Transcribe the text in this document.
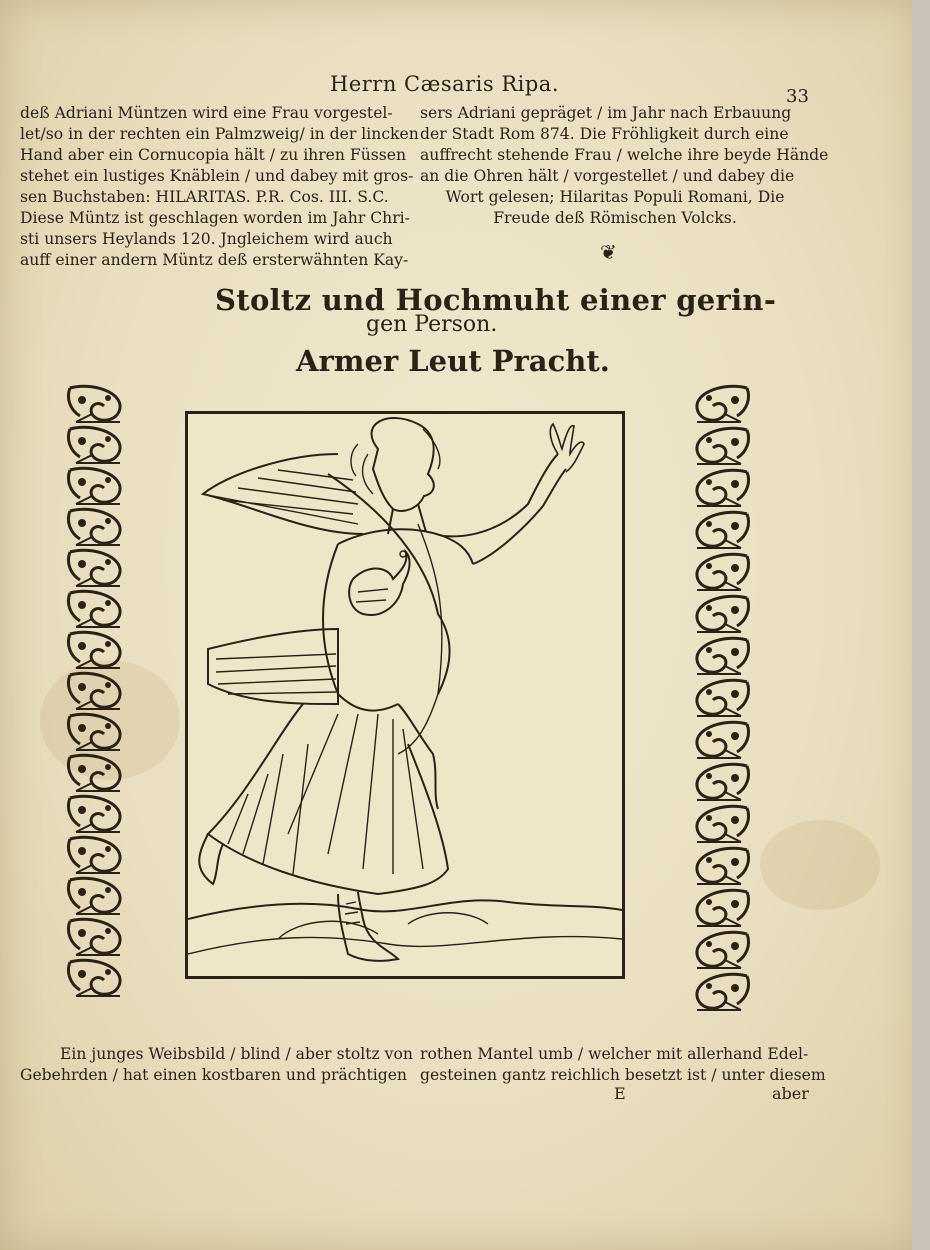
Herrn Cæsaris Ripa.
33

deß Adriani Müntzen wird eine Frau vorgestel-

let/so in der rechten ein Palmzweig/ in der lincken

Hand aber ein Cornucopia hält / zu ihren Füssen

stehet ein lustiges Knäblein / und dabey mit gros-

sen Buchstaben: HILARITAS. P.R. Cos. III. S.C.

Diese Müntz ist geschlagen worden im Jahr Chri-

sti unsers Heylands 120. Jngleichem wird auch

auff einer andern Müntz deß ersterwähnten Kay-

sers Adriani gepräget / im Jahr nach Erbauung

der Stadt Rom 874. Die Fröhligkeit durch eine

auffrecht stehende Frau / welche ihre beyde Hände

an die Ohren hält / vorgestellet / und dabey die

Wort gelesen; Hilaritas Populi Romani, Die

Freude deß Römischen Volcks.

❦
Stoltz und Hochmuht einer gerin-
gen Person.
Armer Leut Pracht.

Ein junges Weibsbild / blind / aber stoltz von

Gebehrden / hat einen kostbaren und prächtigen

rothen Mantel umb / welcher mit allerhand Edel-

gesteinen gantz reichlich besetzt ist / unter diesem

E	aber
